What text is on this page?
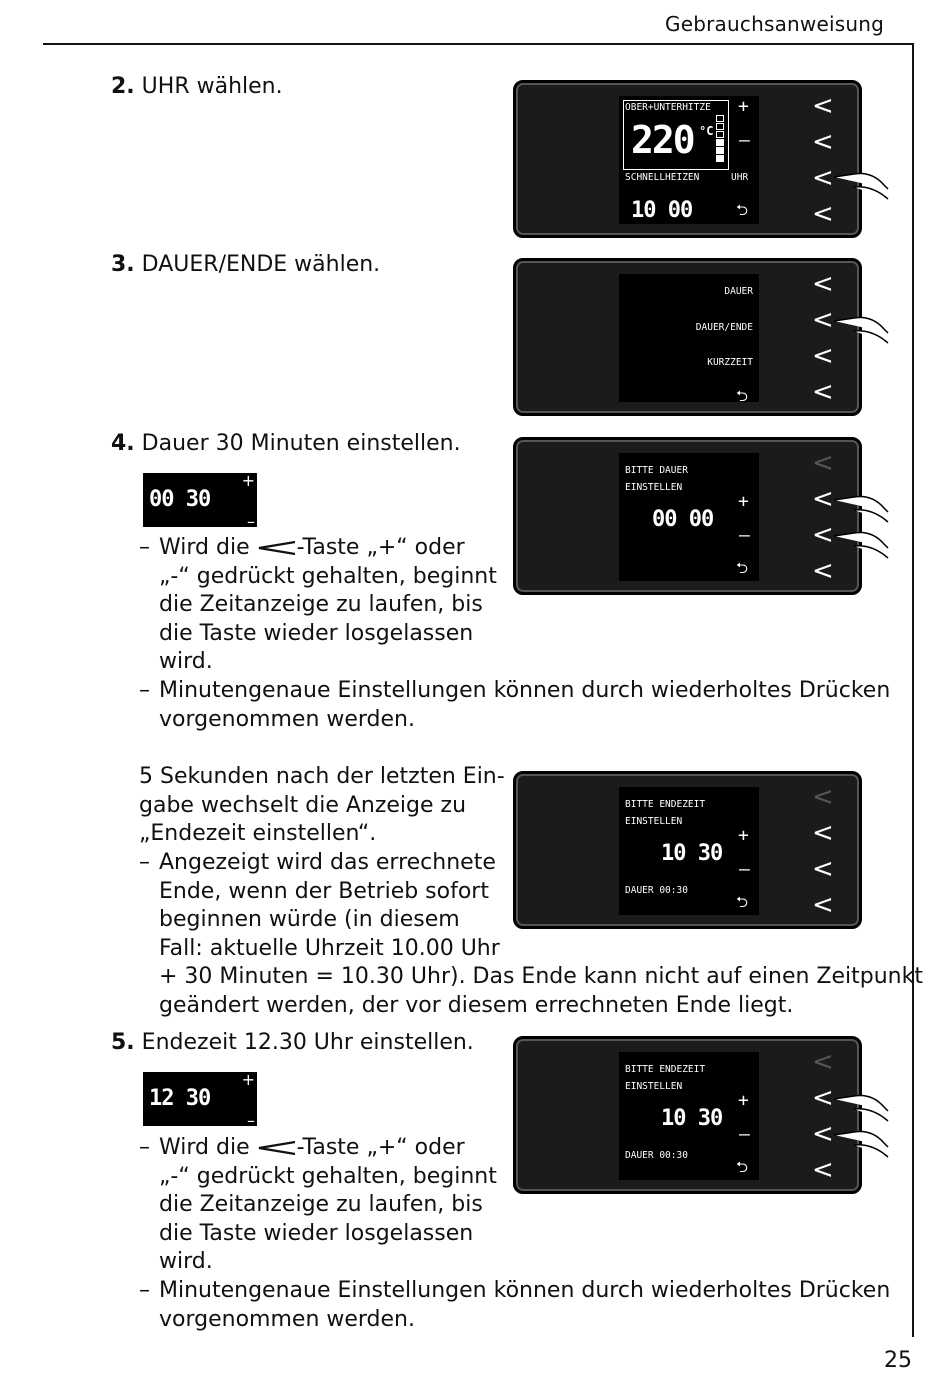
Gebrauchsanweisung
25
2. UHR wählen.
3. DAUER/ENDE wählen.
4. Dauer 30 Minuten einstellen.
00 30
+
–
– Wird die -Taste „+“ oder
„-“ gedrückt gehalten, beginnt
die Zeitanzeige zu laufen, bis
die Taste wieder losgelassen
wird.
– Minutengenaue Einstellungen können durch wiederholtes Drücken
vorgenommen werden.
5 Sekunden nach der letzten Ein-
gabe wechselt die Anzeige zu
„Endezeit einstellen“.
– Angezeigt wird das errechnete
Ende, wenn der Betrieb sofort
beginnen würde (in diesem
Fall: aktuelle Uhrzeit 10.00 Uhr
+ 30 Minuten = 10.30 Uhr). Das Ende kann nicht auf einen Zeitpunkt
geändert werden, der vor diesem errechneten Ende liegt.
5. Endezeit 12.30 Uhr einstellen.
12 30
+
–
– Wird die -Taste „+“ oder
„-“ gedrückt gehalten, beginnt
die Zeitanzeige zu laufen, bis
die Taste wieder losgelassen
wird.
– Minutengenaue Einstellungen können durch wiederholtes Drücken
vorgenommen werden.
OBER+UNTERHITZE
220 °C
+
–
SCHNELLHEIZEN	UHR
10 00	⮌
<
<
<
<
DAUER
DAUER/ENDE
KURZZEIT
⮌
<
<
<
<
BITTE DAUER
EINSTELLEN
+
00 00
–
⮌
<
<
<
<
BITTE ENDEZEIT
EINSTELLEN
+
10 30
–
DAUER 00:30
⮌
<
<
<
<
BITTE ENDEZEIT
EINSTELLEN
+
10 30
–
DAUER 00:30
⮌
<
<
<
<
